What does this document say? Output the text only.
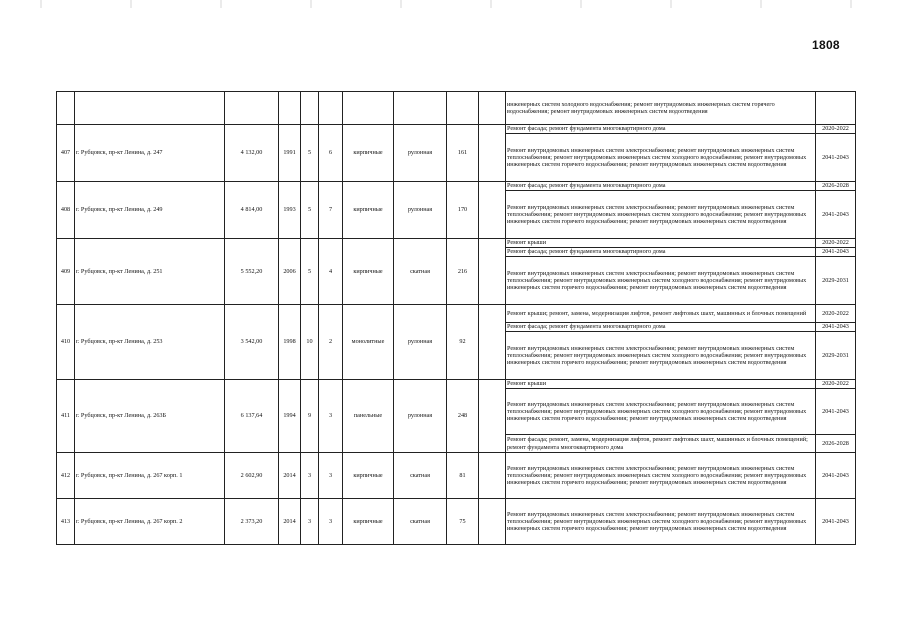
1808
										инженерных систем холодного водоснабжения; ремонт внутридомовых инженерных систем горячего водоснабжения; ремонт внутридомовых инженерных систем водоотведения	
407	г. Рубцовск, пр-кт Ленина, д. 247	4 132,00	1991	5	6	кирпичные	рулонная	161		Ремонт фасада; ремонт фундамента многоквартирного дома	2020-2022
										Ремонт внутридомовых инженерных систем электроснабжения; ремонт внутридомовых инженерных систем теплоснабжения; ремонт внутридомовых инженерных систем холодного водоснабжения; ремонт внутридомовых инженерных систем горячего водоснабжения; ремонт внутридомовых инженерных систем водоотведения	2041-2043
408	г. Рубцовск, пр-кт Ленина, д. 249	4 814,00	1993	5	7	кирпичные	рулонная	170		Ремонт фасада; ремонт фундамента многоквартирного дома	2026-2028
										Ремонт внутридомовых инженерных систем электроснабжения; ремонт внутридомовых инженерных систем теплоснабжения; ремонт внутридомовых инженерных систем холодного водоснабжения; ремонт внутридомовых инженерных систем горячего водоснабжения; ремонт внутридомовых инженерных систем водоотведения	2041-2043
409	г. Рубцовск, пр-кт Ленина, д. 251	5 552,20	2006	5	4	кирпичные	скатная	216		Ремонт крыши	2020-2022
										Ремонт фасада; ремонт фундамента многоквартирного дома	2041-2043
										Ремонт внутридомовых инженерных систем электроснабжения; ремонт внутридомовых инженерных систем теплоснабжения; ремонт внутридомовых инженерных систем холодного водоснабжения; ремонт внутридомовых инженерных систем горячего водоснабжения; ремонт внутридомовых инженерных систем водоотведения	2029-2031
410	г. Рубцовск, пр-кт Ленина, д. 253	3 542,00	1998	10	2	монолитные	рулонная	92		Ремонт крыши; ремонт, замена, модернизация лифтов, ремонт лифтовых шахт, машинных и блочных помещений	2020-2022
										Ремонт фасада; ремонт фундамента многоквартирного дома	2041-2043
										Ремонт внутридомовых инженерных систем электроснабжения; ремонт внутридомовых инженерных систем теплоснабжения; ремонт внутридомовых инженерных систем холодного водоснабжения; ремонт внутридомовых инженерных систем горячего водоснабжения; ремонт внутридомовых инженерных систем водоотведения	2029-2031
411	г. Рубцовск, пр-кт Ленина, д. 263Б	6 137,64	1994	9	3	панельные	рулонная	248		Ремонт крыши	2020-2022
										Ремонт внутридомовых инженерных систем электроснабжения; ремонт внутридомовых инженерных систем теплоснабжения; ремонт внутридомовых инженерных систем холодного водоснабжения; ремонт внутридомовых инженерных систем горячего водоснабжения; ремонт внутридомовых инженерных систем водоотведения	2041-2043
										Ремонт фасада; ремонт, замена, модернизация лифтов, ремонт лифтовых шахт, машинных и блочных помещений; ремонт фундамента многоквартирного дома	2026-2028
412	г. Рубцовск, пр-кт Ленина, д. 267 корп. 1	2 602,90	2014	3	3	кирпичные	скатная	81		Ремонт внутридомовых инженерных систем электроснабжения; ремонт внутридомовых инженерных систем теплоснабжения; ремонт внутридомовых инженерных систем холодного водоснабжения; ремонт внутридомовых инженерных систем горячего водоснабжения; ремонт внутридомовых инженерных систем водоотведения	2041-2043
413	г. Рубцовск, пр-кт Ленина, д. 267 корп. 2	2 373,20	2014	3	3	кирпичные	скатная	75		Ремонт внутридомовых инженерных систем электроснабжения; ремонт внутридомовых инженерных систем теплоснабжения; ремонт внутридомовых инженерных систем холодного водоснабжения; ремонт внутридомовых инженерных систем горячего водоснабжения; ремонт внутридомовых инженерных систем водоотведения	2041-2043
